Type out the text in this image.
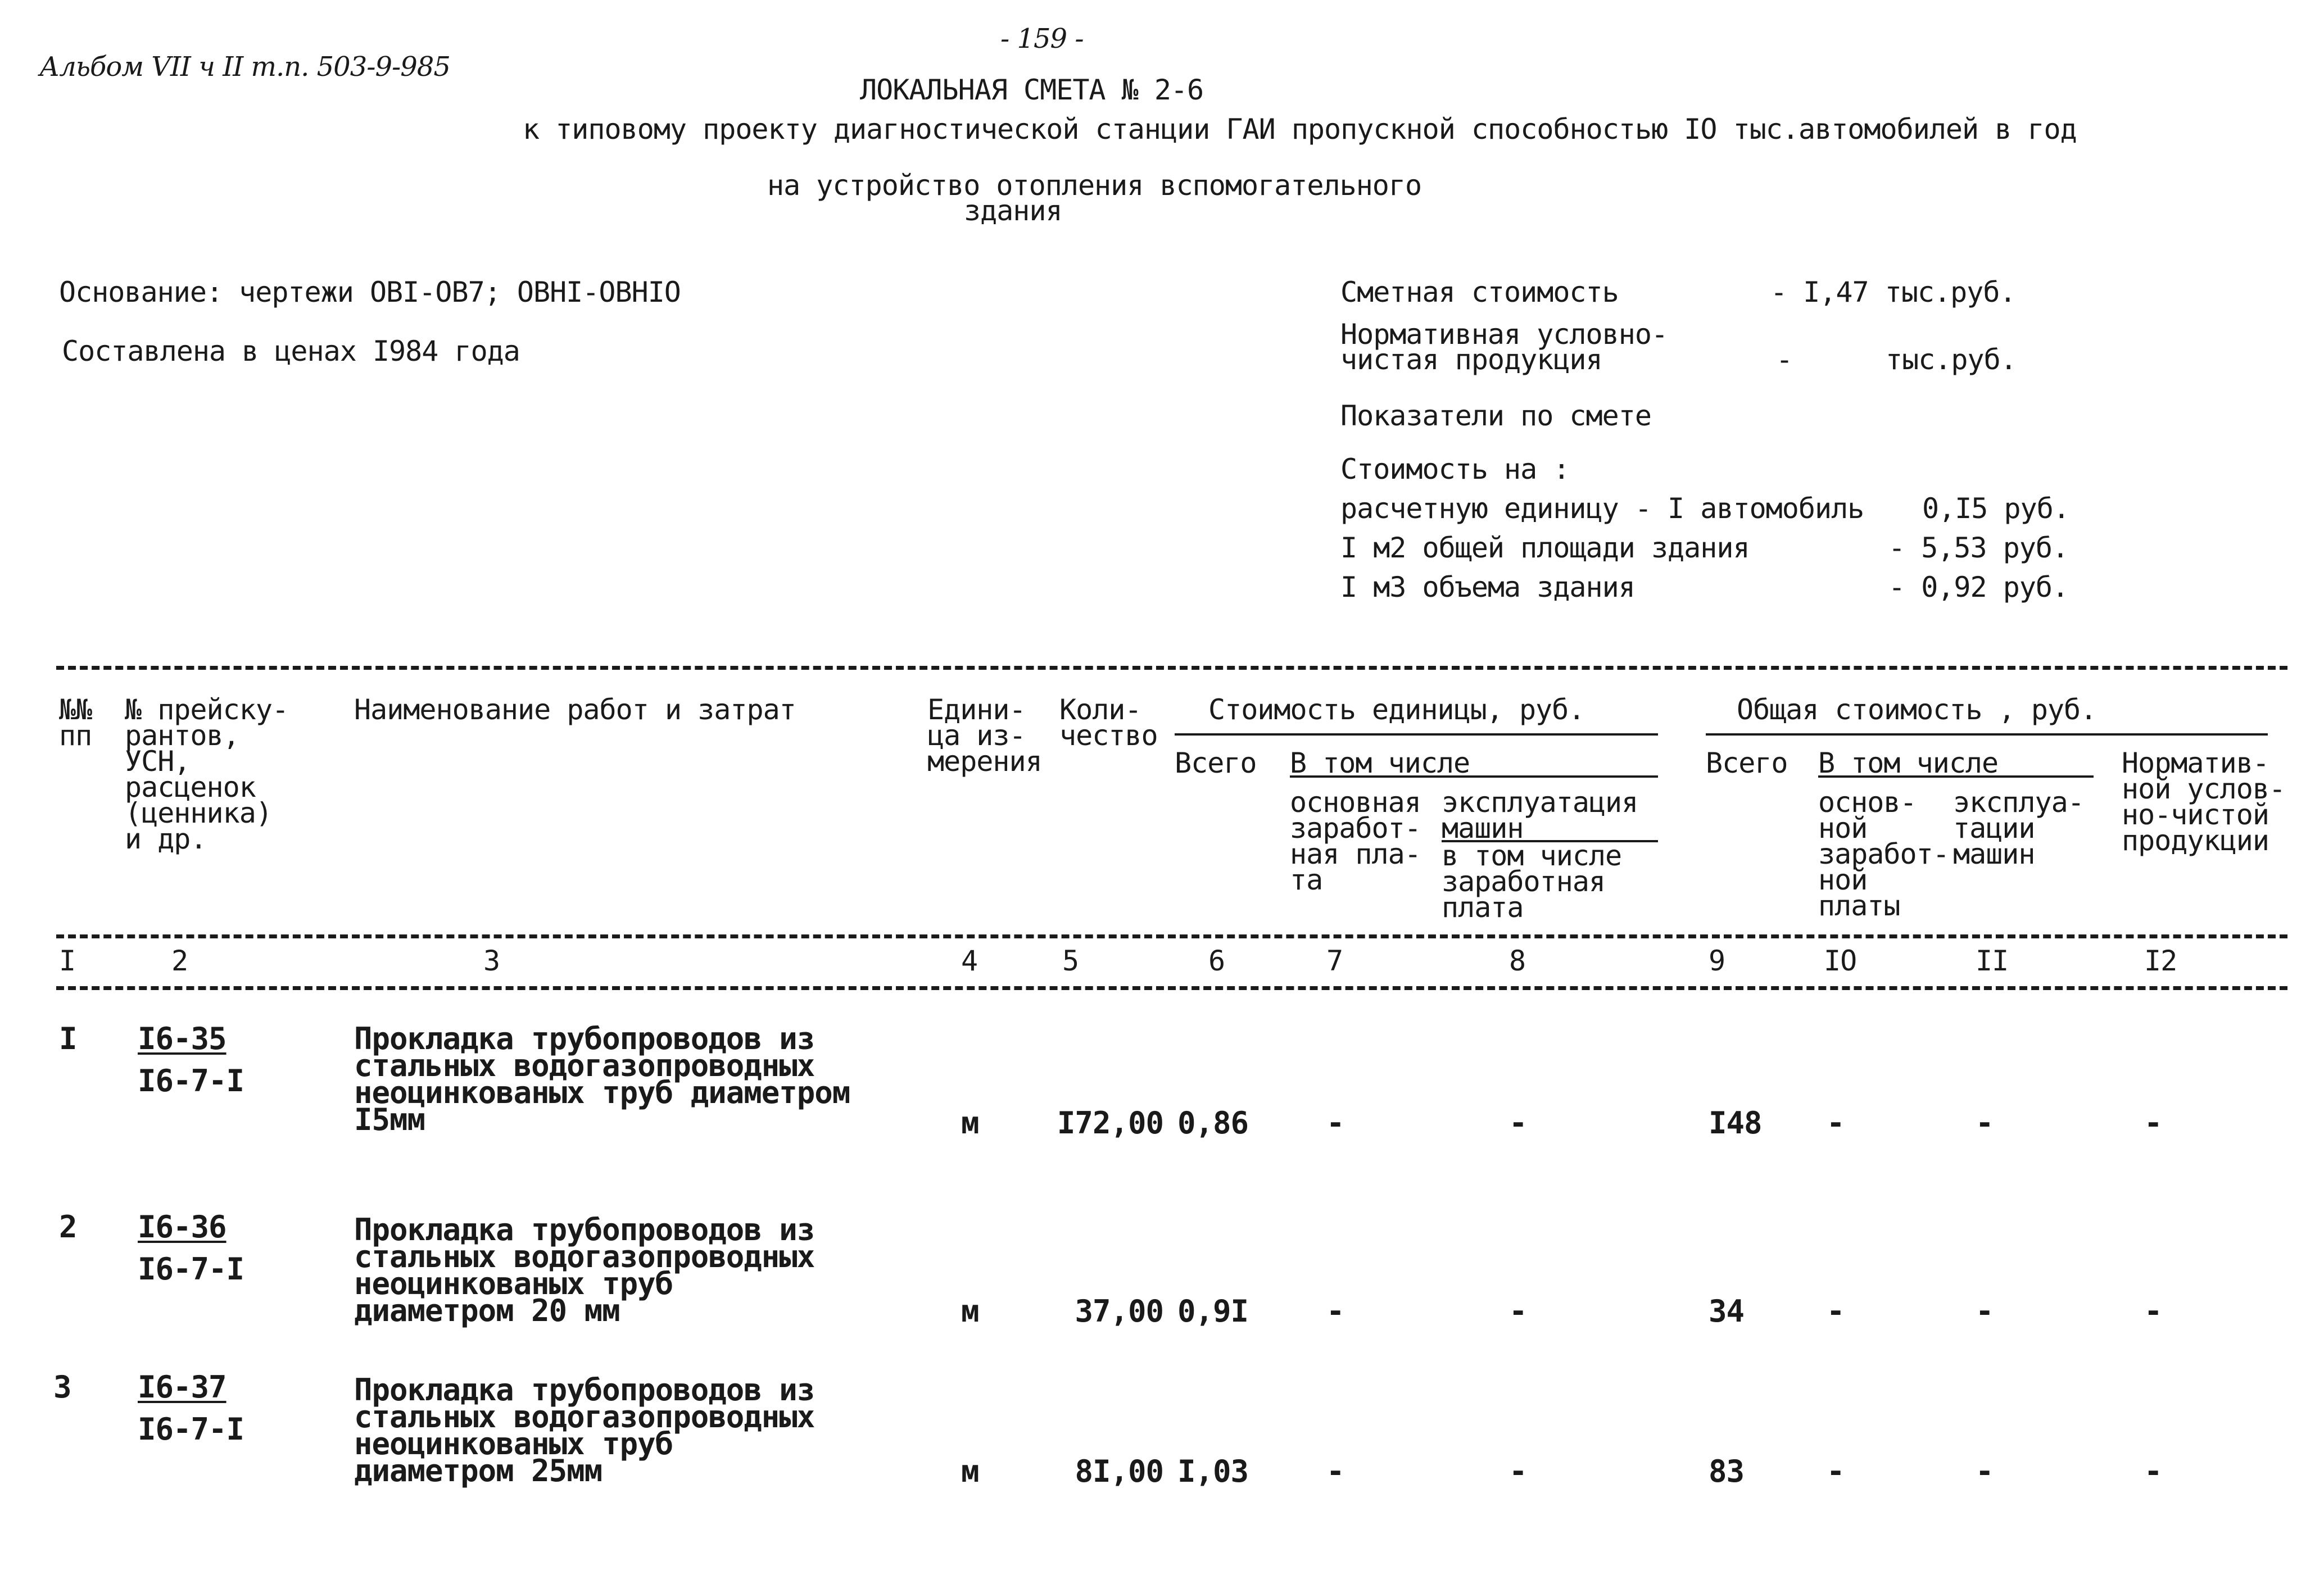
Альбом VII ч II т.п. 503-9-985
- 159 -
ЛОКАЛЬНАЯ СМЕТА № 2-6
к типовому проекту диагностической станции ГАИ пропускной способностью IO тыс.автомобилей в год
на устройство отопления вспомогательного
здания
Основание: чертежи OBI-OB7; OBHI-OBHIO
Составлена в ценах I984 года
Сметная стоимость	- I,47 тыс.руб.
Нормативная условно-
чистая продукция	-	тыс.руб.
Показатели по смете
Стоимость на :
расчетную единицу - I автомобиль 0,I5 руб.
I м2 общей площади здания	- 5,53 руб.
I м3 объема здания	- 0,92 руб.
№№
пп
№ прейску-
рантов,
УСН,
расценок
(ценника)
и др.
Наименование работ и затрат	Едини-
ца из-
мерения
Коли-
чество
Стоимость единицы, руб.
Всего В том числе
основная
заработ-
ная пла-
та
эксплуатация
машин
в том числе
заработная
плата
Общая стоимость , руб.
Всего В том числе
основ-
ной
заработ-
ной
платы
эксплуа-
тации
машин
Норматив-
ной услов-
но-чистой
продукции
I	2	3	4	5	6	7	8	9	IO	II	I2
I I6-35
I6-7-I
Прокладка трубопроводов из
стальных водогазопроводных
неоцинкованых труб диаметром
I5мм	м	I72,00 0,86	-	-	I48 -	-	-
2 I6-36
I6-7-I
Прокладка трубопроводов из
стальных водогазопроводных
неоцинкованых труб
диаметром 20 мм	м	37,00 0,9I	-	-	34	-	-	-
3 I6-37
I6-7-I
Прокладка трубопроводов из
стальных водогазопроводных
неоцинкованых труб
диаметром 25мм	м	8I,00 I,03	-	-	83	-	-	-
